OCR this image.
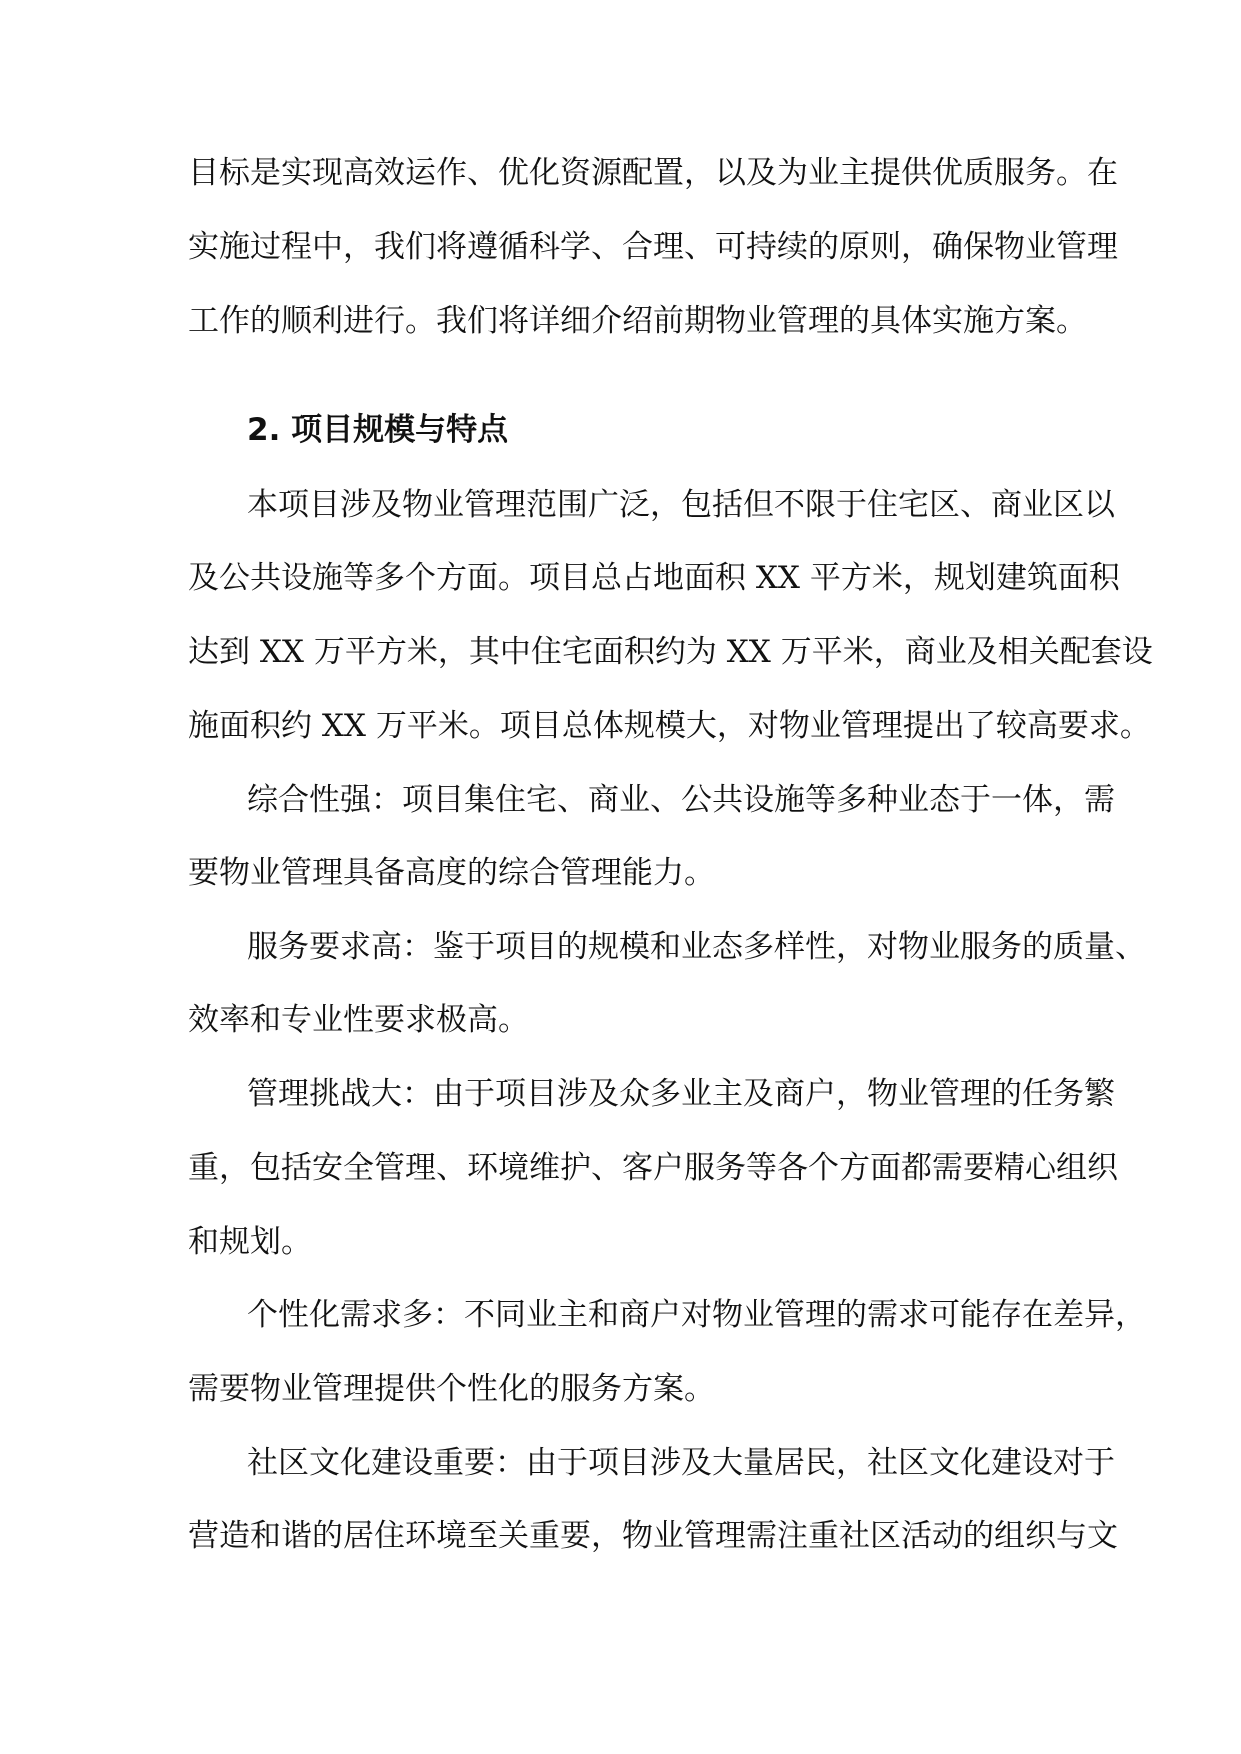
目标是实现高效运作、优化资源配置，以及为业主提供优质服务。在
实施过程中，我们将遵循科学、合理、可持续的原则，确保物业管理
工作的顺利进行。我们将详细介绍前期物业管理的具体实施方案。
2. 项目规模与特点
本项目涉及物业管理范围广泛，包括但不限于住宅区、商业区以
及公共设施等多个方面。项目总占地面积 XX 平方米，规划建筑面积
达到 XX 万平方米，其中住宅面积约为 XX 万平米，商业及相关配套设
施面积约 XX 万平米。项目总体规模大，对物业管理提出了较高要求。
综合性强：项目集住宅、商业、公共设施等多种业态于一体，需
要物业管理具备高度的综合管理能力。
服务要求高：鉴于项目的规模和业态多样性，对物业服务的质量、
效率和专业性要求极高。
管理挑战大：由于项目涉及众多业主及商户，物业管理的任务繁
重，包括安全管理、环境维护、客户服务等各个方面都需要精心组织
和规划。
个性化需求多：不同业主和商户对物业管理的需求可能存在差异，
需要物业管理提供个性化的服务方案。
社区文化建设重要：由于项目涉及大量居民，社区文化建设对于
营造和谐的居住环境至关重要，物业管理需注重社区活动的组织与文
